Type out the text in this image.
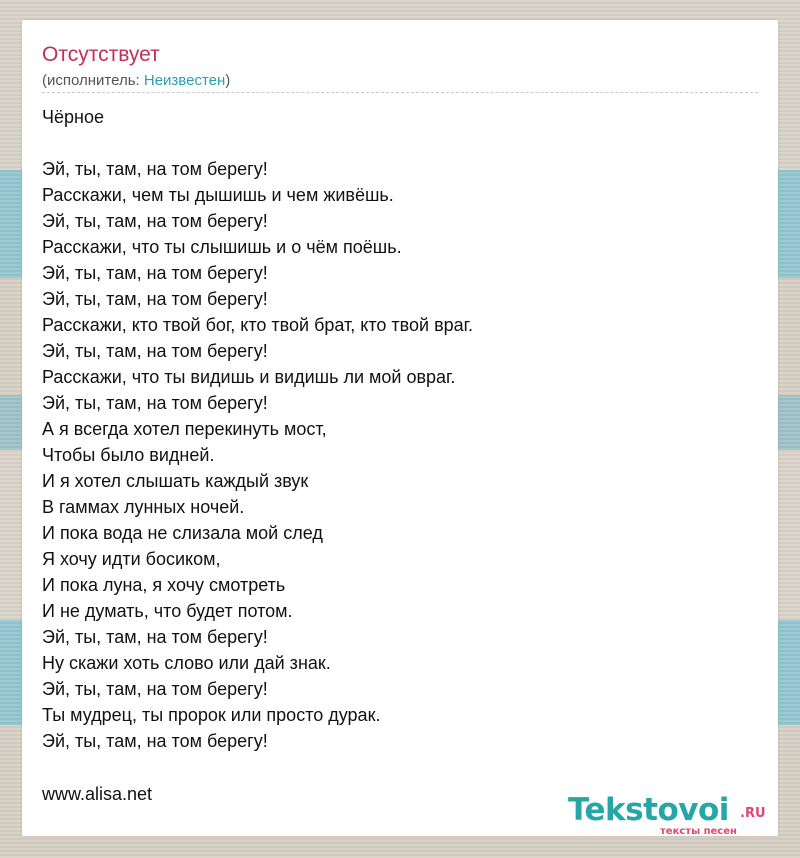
Отсутствует
(исполнитель: Неизвестен)
Чёрное
Эй, ты, там, на том берегу!
Расскажи, чем ты дышишь и чем живёшь.
Эй, ты, там, на том берегу!
Расскажи, что ты слышишь и о чём поёшь.
Эй, ты, там, на том берегу!
Эй, ты, там, на том берегу!
Расскажи, кто твой бог, кто твой брат, кто твой враг.
Эй, ты, там, на том берегу!
Расскажи, что ты видишь и видишь ли мой овраг.
Эй, ты, там, на том берегу!
А я всегда хотел перекинуть мост,
Чтобы было видней.
И я хотел слышать каждый звук
В гаммах лунных ночей.
И пока вода не слизала мой след
Я хочу идти босиком,
И пока луна, я хочу смотреть
И не думать, что будет потом.
Эй, ты, там, на том берегу!
Ну скажи хоть слово или дай знак.
Эй, ты, там, на том берегу!
Ты мудрец, ты пророк или просто дурак.
Эй, ты, там, на том берегу!
www.alisa.net	Tekstovoi .RU
тексты песен
